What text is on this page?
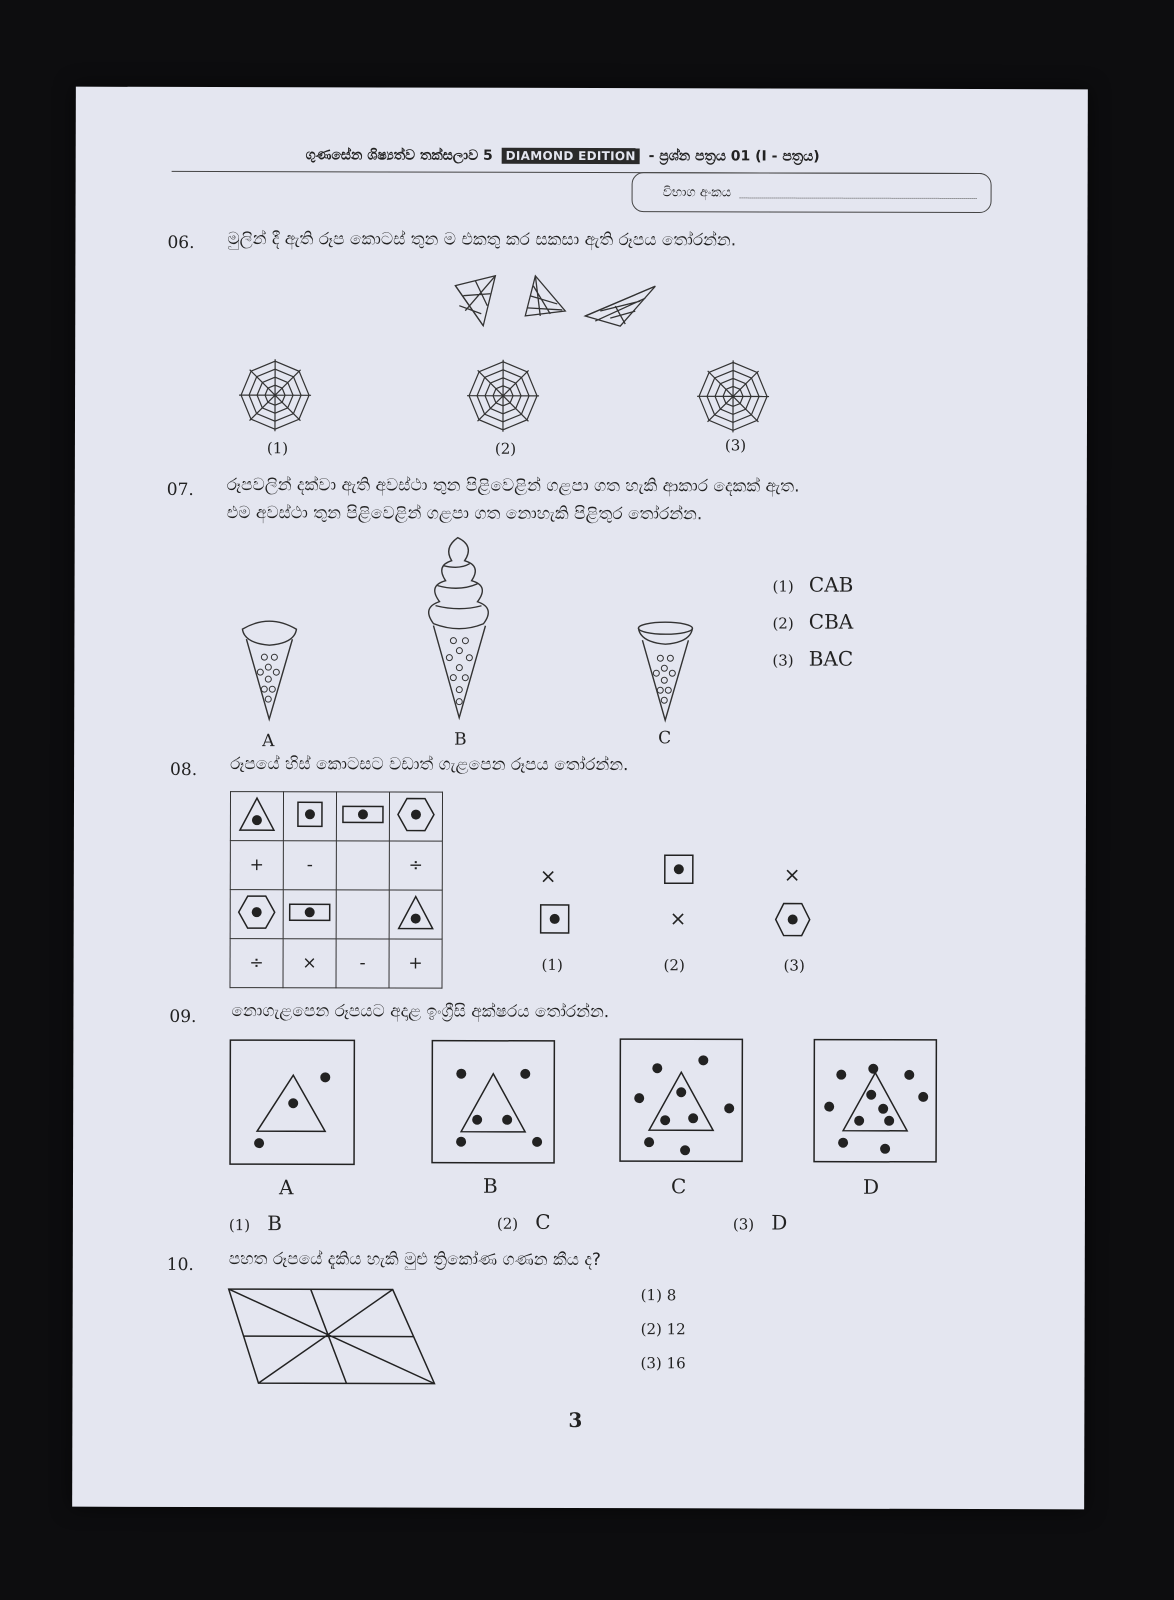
ගුණසේන ශිෂ්‍යත්ව තක්සලාව 5 DIAMOND EDITION - ප්‍රශ්න පත්‍රය 01 (I - පත්‍රය)
විභාග අංකය
06. මුලින් දී ඇති රූප කොටස් තුන ම එකතු කර සකසා ඇති රූපය තෝරන්න.
(1)	(2)	(3)
07. රූපවලින් දක්වා ඇති අවස්ථා තුන පිළිවෙළින් ගළපා ගත හැකි ආකාර දෙකක් ඇත.
එම අවස්ථා තුන පිළිවෙළින් ගළපා ගත නොහැකි පිළිතුර තෝරන්න.
A	B	C
(1) CAB
(2) CBA
(3) BAC
08. රූපයේ හිස් කොටසට වඩාත් ගැළපෙන රූපය තෝරන්න.

+	-		÷

÷	×	-	+
×
(1)
×
(2)
×
(3)
09. නොගැළපෙන රූපයට අදාළ ඉංග්‍රීසි අක්ෂරය තෝරන්න.
A	B	C	D
(1) B	(2) C	(3) D
10. පහත රූපයේ දැකිය හැකි මුළු ත්‍රිකෝණ ගණන කීය ද?
(1) 8
(2) 12
(3) 16
3
